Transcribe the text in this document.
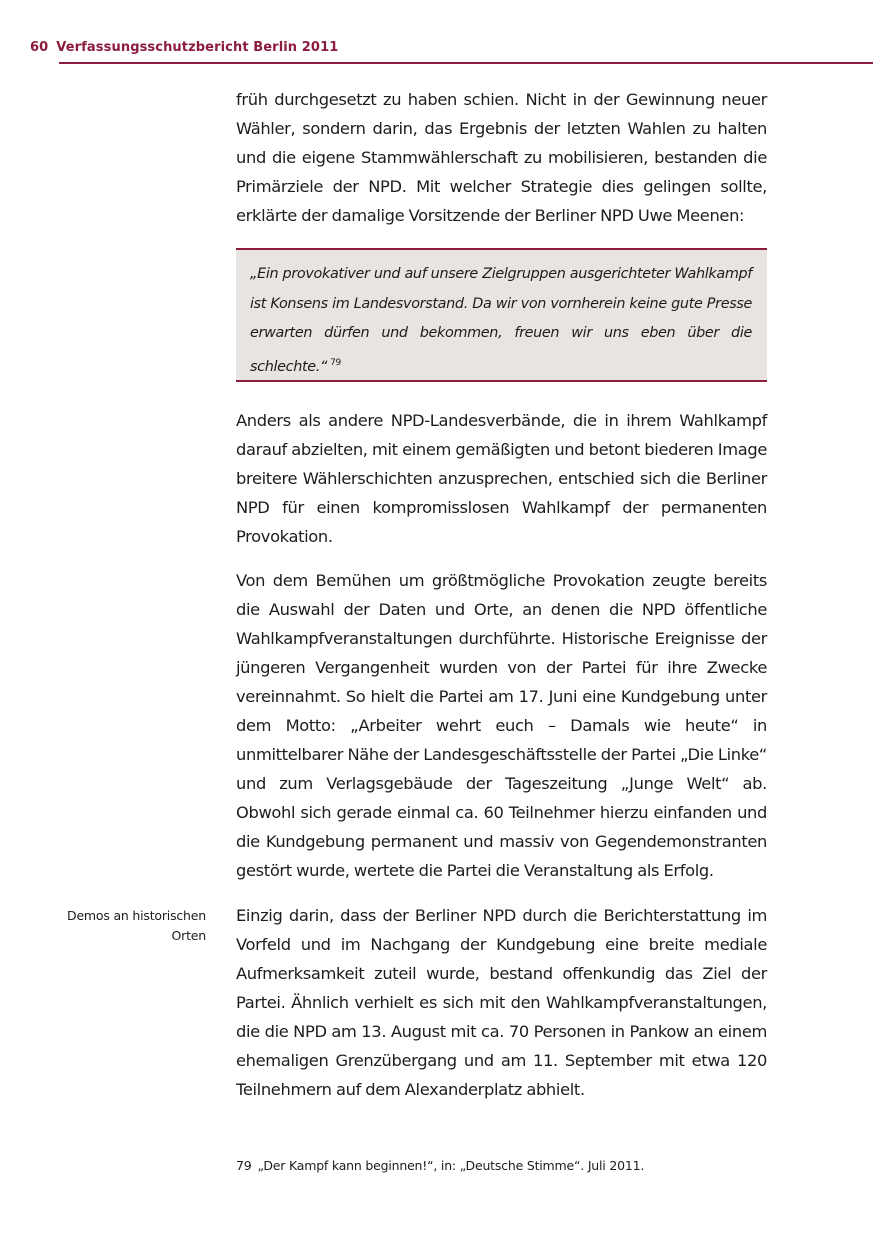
60 Verfassungsschutzbericht Berlin 2011

früh durchgesetzt zu haben schien. Nicht in der Gewinnung neuer Wähler, sondern darin, das Ergebnis der letzten Wahlen zu halten und die eigene Stammwählerschaft zu mobilisieren, bestanden die Primärziele der NPD. Mit welcher Strategie dies gelingen sollte, erklärte der damalige Vorsitzende der Berliner NPD Uwe Meenen:

„Ein provokativer und auf unsere Zielgruppen ausgerichteter Wahlkampf ist Konsens im Landesvorstand. Da wir von vornherein keine gute Presse erwarten dürfen und bekommen, freuen wir uns eben über die schlechte.“ $^{79}$

Anders als andere NPD-Landesverbände, die in ihrem Wahlkampf darauf abzielten, mit einem gemäßigten und betont biederen Image breitere Wählerschichten anzusprechen, entschied sich die Berliner NPD für einen kompromisslosen Wahlkampf der permanenten Provokation.

Von dem Bemühen um größtmögliche Provokation zeugte bereits die Auswahl der Daten und Orte, an denen die NPD öffentliche Wahlkampfveranstaltungen durchführte. Historische Ereignisse der jüngeren Vergangenheit wurden von der Partei für ihre Zwecke vereinnahmt. So hielt die Partei am 17. Juni eine Kundgebung unter dem Motto: „Arbeiter wehrt euch – Damals wie heute“ in unmittelbarer Nähe der Landesgeschäftsstelle der Partei „Die Linke“ und zum Verlagsgebäude der Tageszeitung „Junge Welt“ ab. Obwohl sich gerade einmal ca. 60 Teilnehmer hierzu einfanden und die Kundgebung permanent und massiv von Gegendemonstranten gestört wurde, wertete die Partei die Veranstaltung als Erfolg.

Demos an historischen
Orten

Einzig darin, dass der Berliner NPD durch die Berichterstattung im Vorfeld und im Nachgang der Kundgebung eine breite mediale Aufmerksamkeit zuteil wurde, bestand offenkundig das Ziel der Partei. Ähnlich verhielt es sich mit den Wahlkampfveranstaltungen, die die NPD am 13. August mit ca. 70 Personen in Pankow an einem ehemaligen Grenzübergang und am 11. September mit etwa 120 Teilnehmern auf dem Alexanderplatz abhielt.

79 „Der Kampf kann beginnen!“, in: „Deutsche Stimme“. Juli 2011.
